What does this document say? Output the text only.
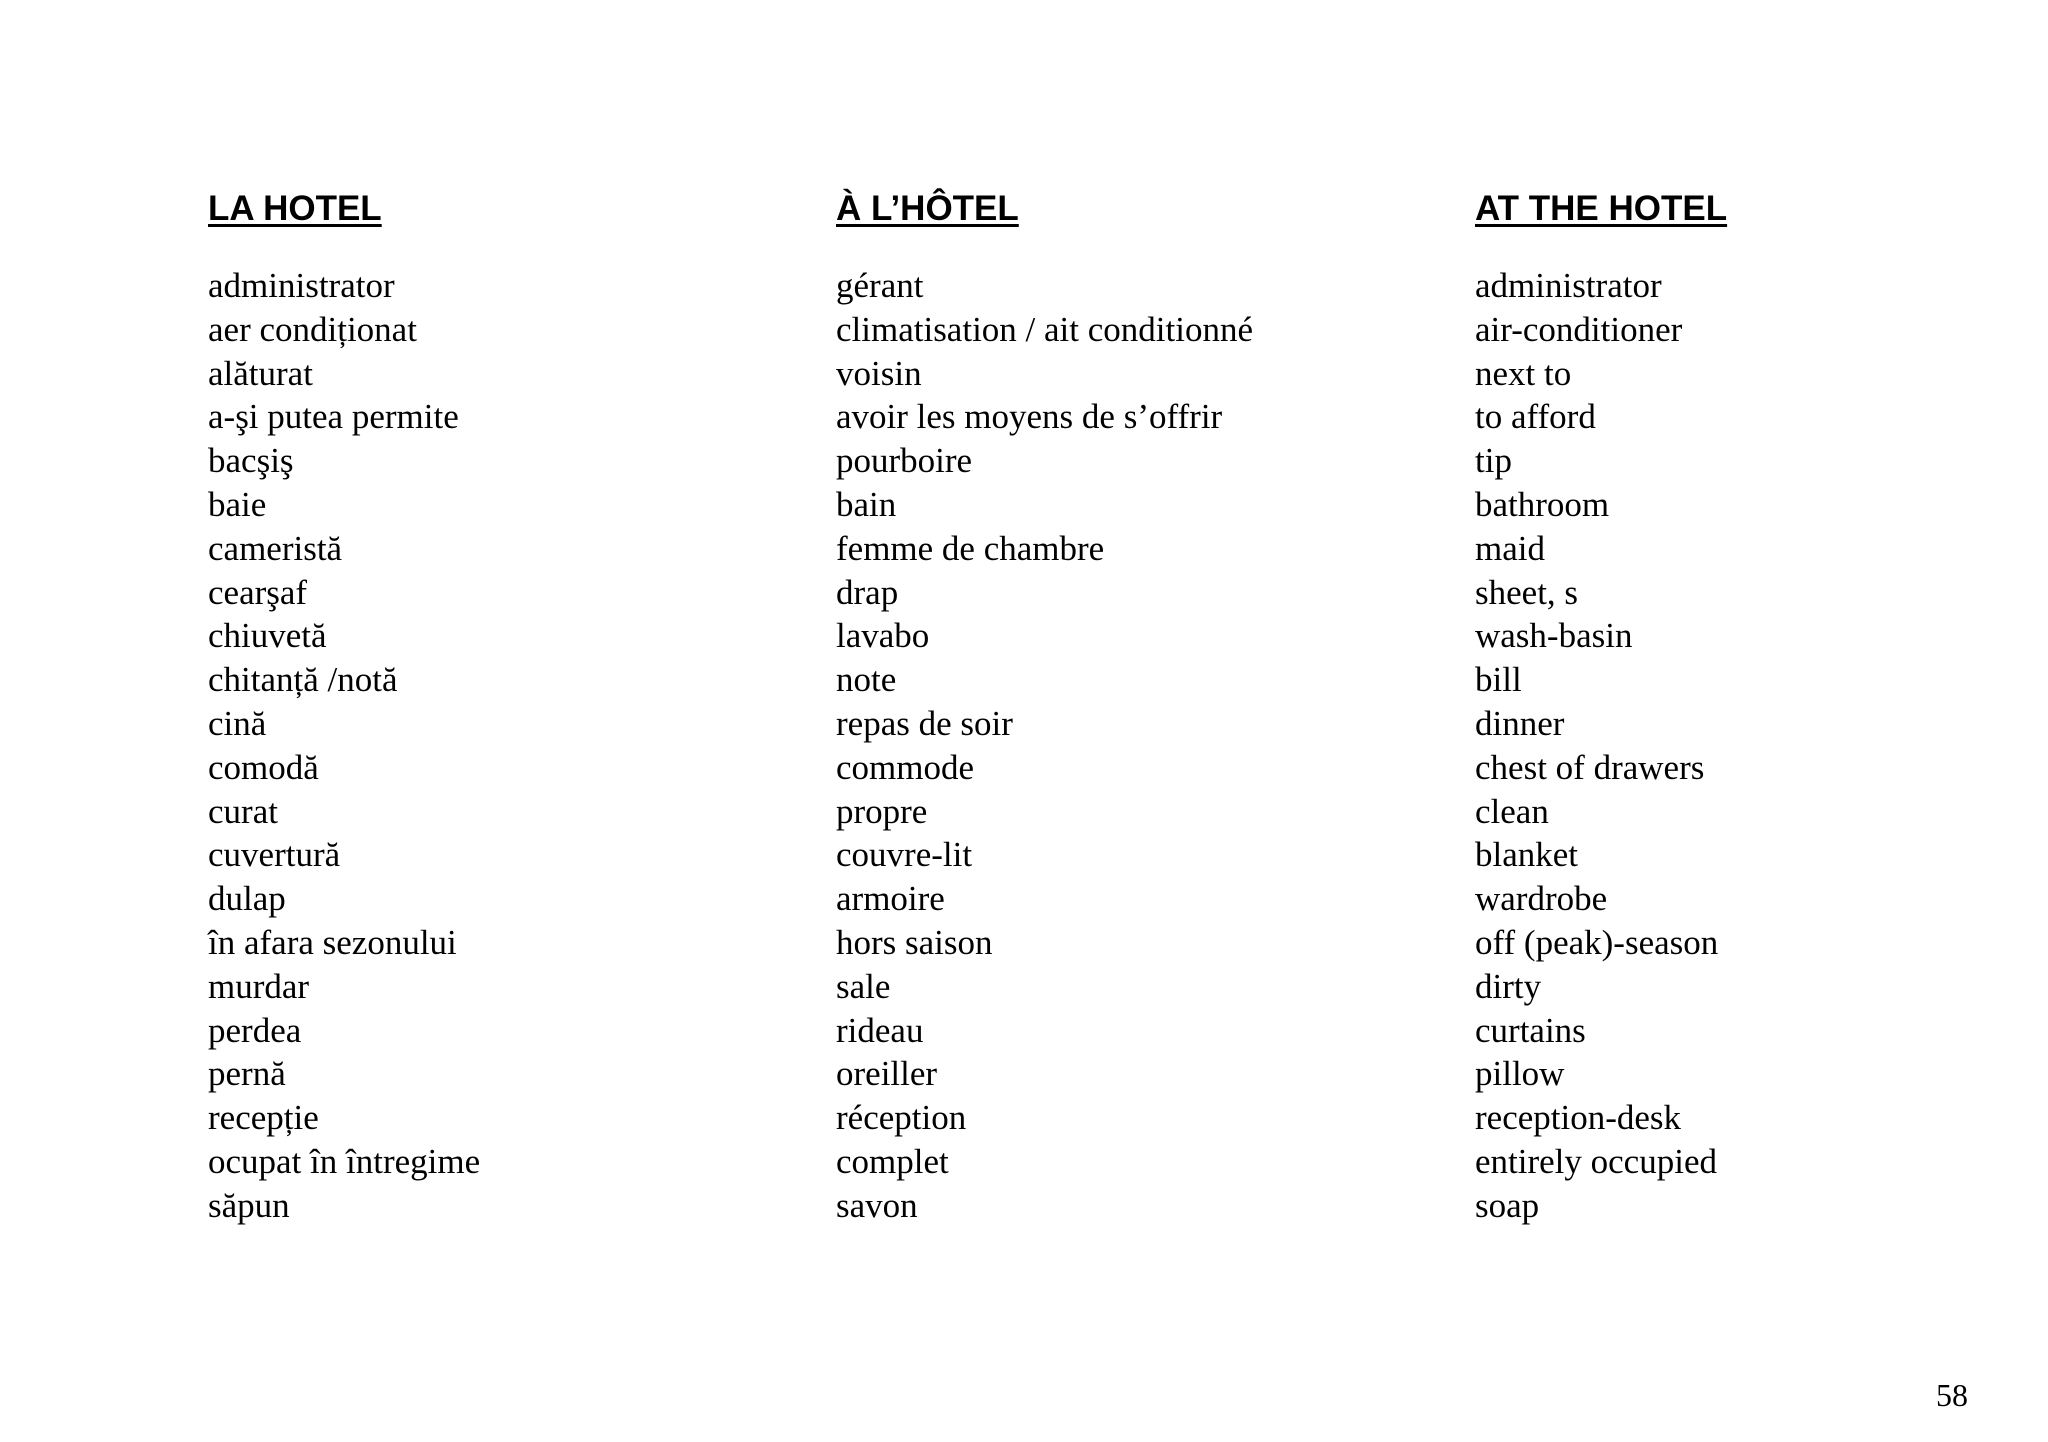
LA HOTEL
administrator
aer condiționat
alăturat
a-şi putea permite
bacşiş
baie
cameristă
cearşaf
chiuvetă
chitanță /notă
cină
comodă
curat
cuvertură
dulap
în afara sezonului
murdar
perdea
pernă
recepție
ocupat în întregime
săpun
À L’HÔTEL
gérant
climatisation / ait conditionné
voisin
avoir les moyens de s’offrir
pourboire
bain
femme de chambre
drap
lavabo
note
repas de soir
commode
propre
couvre-lit
armoire
hors saison
sale
rideau
oreiller
réception
complet
savon
AT THE HOTEL
administrator
air-conditioner
next to
to afford
tip
bathroom
maid
sheet, s
wash-basin
bill
dinner
chest of drawers
clean
blanket
wardrobe
off (peak)-season
dirty
curtains
pillow
reception-desk
entirely occupied
soap
58
